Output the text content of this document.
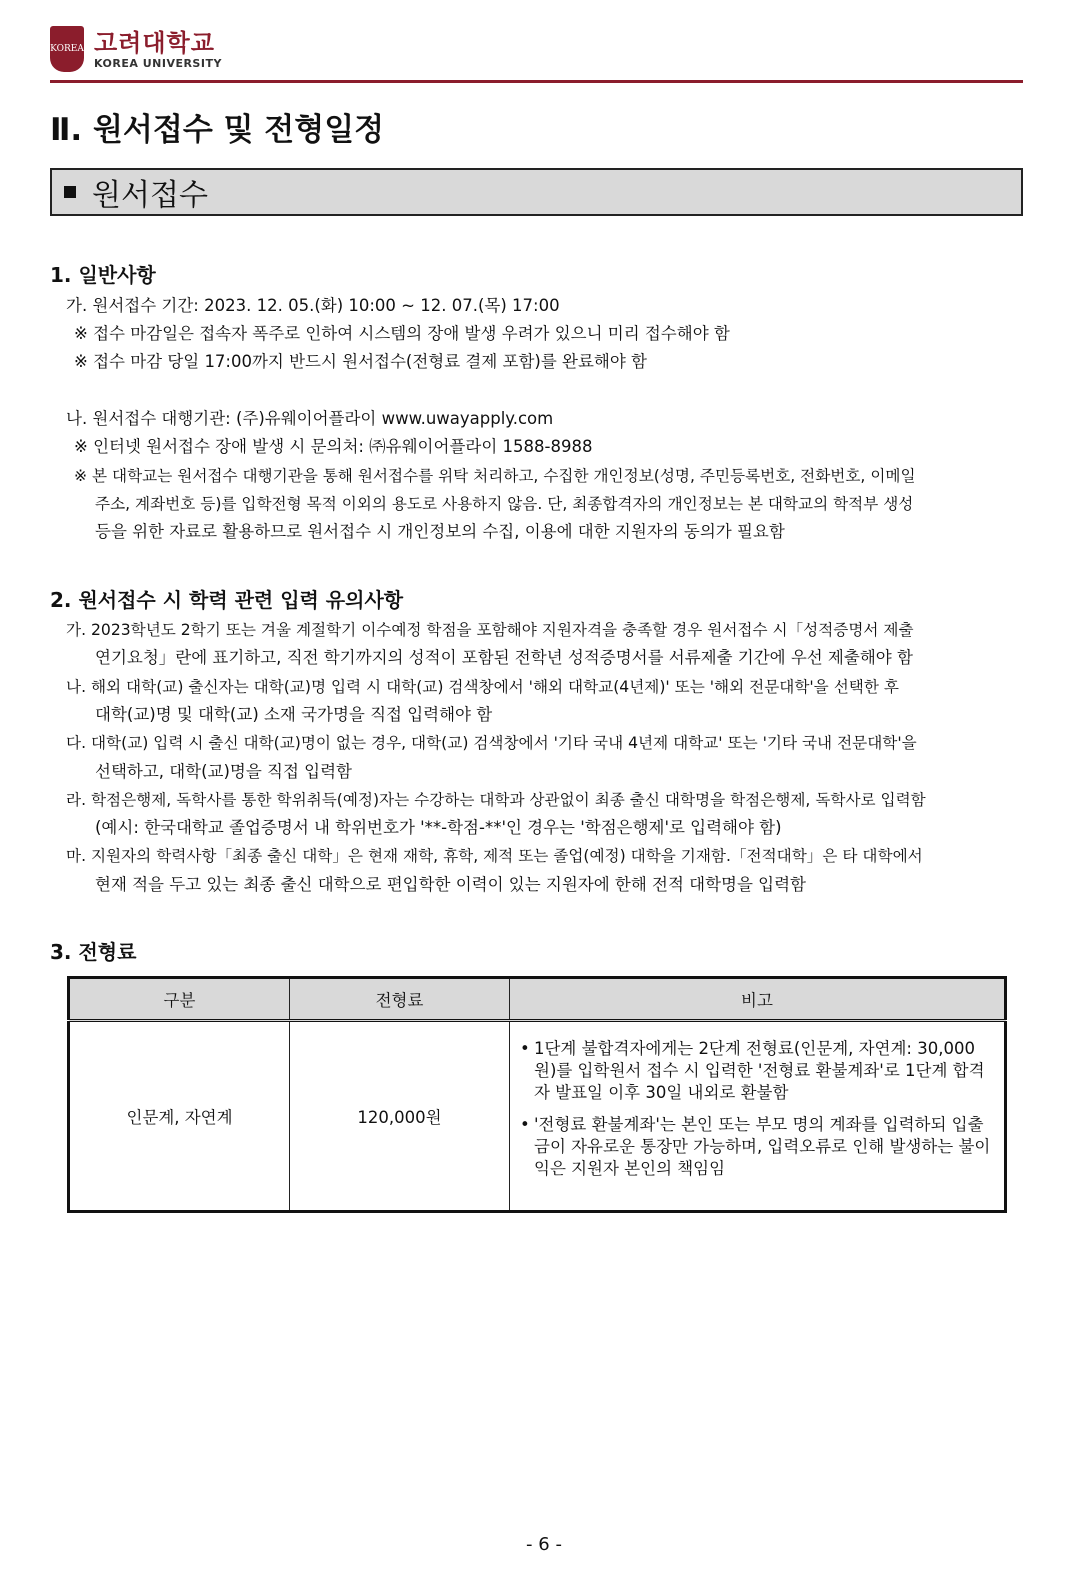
KOREA 고려대학교
KOREA UNIVERSITY
Ⅱ. 원서접수 및 전형일정
원서접수
1. 일반사항
가. 원서접수 기간: 2023. 12. 05.(화) 10:00 ~ 12. 07.(목) 17:00
※ 접수 마감일은 접속자 폭주로 인하여 시스템의 장애 발생 우려가 있으니 미리 접수해야 함
※ 접수 마감 당일 17:00까지 반드시 원서접수(전형료 결제 포함)를 완료해야 함
나. 원서접수 대행기관: (주)유웨이어플라이 www.uwayapply.com
※ 인터넷 원서접수 장애 발생 시 문의처: ㈜유웨이어플라이 1588-8988
※ 본 대학교는 원서접수 대행기관을 통해 원서접수를 위탁 처리하고, 수집한 개인정보(성명, 주민등록번호, 전화번호, 이메일
주소, 계좌번호 등)를 입학전형 목적 이외의 용도로 사용하지 않음. 단, 최종합격자의 개인정보는 본 대학교의 학적부 생성
등을 위한 자료로 활용하므로 원서접수 시 개인정보의 수집, 이용에 대한 지원자의 동의가 필요함
2. 원서접수 시 학력 관련 입력 유의사항
가. 2023학년도 2학기 또는 겨울 계절학기 이수예정 학점을 포함해야 지원자격을 충족할 경우 원서접수 시「성적증명서 제출
연기요청」란에 표기하고, 직전 학기까지의 성적이 포함된 전학년 성적증명서를 서류제출 기간에 우선 제출해야 함
나. 해외 대학(교) 출신자는 대학(교)명 입력 시 대학(교) 검색창에서 '해외 대학교(4년제)' 또는 '해외 전문대학'을 선택한 후
대학(교)명 및 대학(교) 소재 국가명을 직접 입력해야 함
다. 대학(교) 입력 시 출신 대학(교)명이 없는 경우, 대학(교) 검색창에서 '기타 국내 4년제 대학교' 또는 '기타 국내 전문대학'을
선택하고, 대학(교)명을 직접 입력함
라. 학점은행제, 독학사를 통한 학위취득(예정)자는 수강하는 대학과 상관없이 최종 출신 대학명을 학점은행제, 독학사로 입력함
(예시: 한국대학교 졸업증명서 내 학위번호가 '**-학점-**'인 경우는 '학점은행제'로 입력해야 함)
마. 지원자의 학력사항「최종 출신 대학」은 현재 재학, 휴학, 제적 또는 졸업(예정) 대학을 기재함.「전적대학」은 타 대학에서
현재 적을 두고 있는 최종 출신 대학으로 편입학한 이력이 있는 지원자에 한해 전적 대학명을 입력함
3. 전형료
구분	전형료	비고
인문계, 자연계	120,000원	• 1단계 불합격자에게는 2단계 전형료(인문계, 자연계: 30,000원)를 입학원서 접수 시 입력한 '전형료 환불계좌'로 1단계 합격자 발표일 이후 30일 내외로 환불함
• '전형료 환불계좌'는 본인 또는 부모 명의 계좌를 입력하되 입출금이 자유로운 통장만 가능하며, 입력오류로 인해 발생하는 불이익은 지원자 본인의 책임임
- 6 -
